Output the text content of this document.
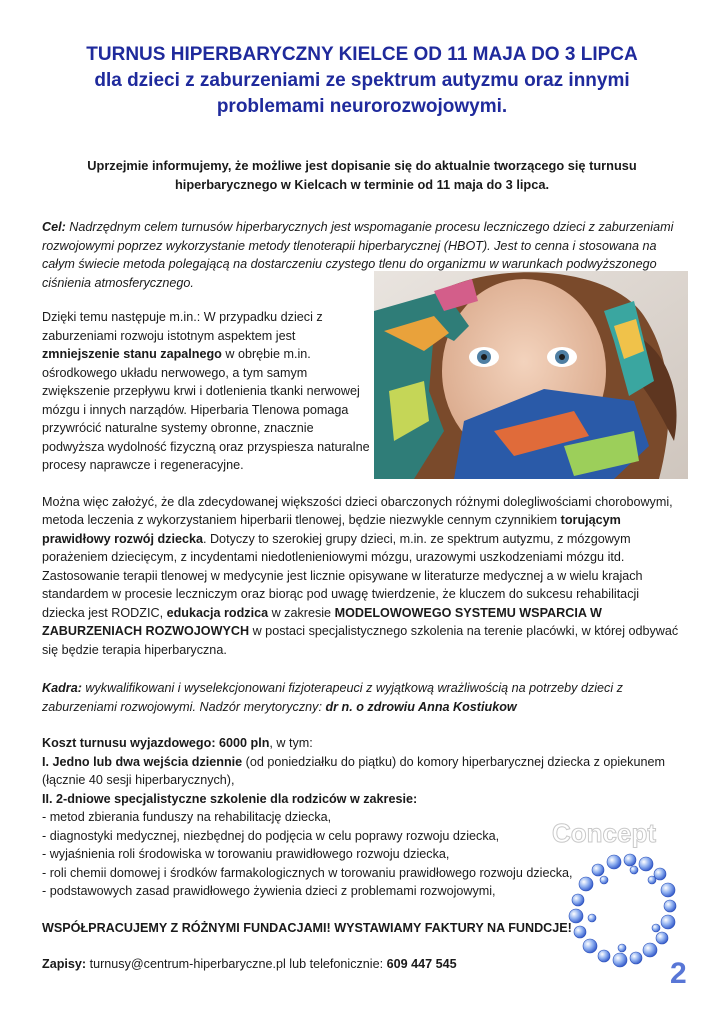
TURNUS HIPERBARYCZNY KIELCE OD 11 MAJA DO 3 LIPCA
dla dzieci z zaburzeniami ze spektrum autyzmu oraz innymi
problemami neurorozwojowymi.

Uprzejmie informujemy, że możliwe jest dopisanie się do aktualnie tworzącego się turnusu
hiperbarycznego w Kielcach w terminie od 11 maja do 3 lipca.

Cel: Nadrzędnym celem turnusów hiperbarycznych jest wspomaganie procesu leczniczego dzieci z zaburzeniami rozwojowymi poprzez wykorzystanie metody tlenoterapii hiperbarycznej (HBOT). Jest to cenna i stosowana na całym świecie metoda polegającą na dostarczeniu czystego tlenu do organizmu w warunkach podwyższonego ciśnienia atmosferycznego.

Dzięki temu następuje m.in.: W przypadku dzieci z zaburzeniami rozwoju istotnym aspektem jest zmniejszenie stanu zapalnego w obrębie m.in. ośrodkowego układu nerwowego, a tym samym zwiększenie przepływu krwi i dotlenienia tkanki nerwowej mózgu i innych narządów. Hiperbaria Tlenowa pomaga przywrócić naturalne systemy obronne, znacznie podwyższa wydolność fizyczną oraz przyspiesza naturalne procesy naprawcze i regeneracyjne.

Można więc założyć, że dla zdecydowanej większości dzieci obarczonych różnymi dolegliwościami chorobowymi, metoda leczenia z wykorzystaniem hiperbarii tlenowej, będzie niezwykle cennym czynnikiem torującym prawidłowy rozwój dziecka. Dotyczy to szerokiej grupy dzieci, m.in. ze spektrum autyzmu, z mózgowym porażeniem dziecięcym, z incydentami niedotlenieniowymi mózgu, urazowymi uszkodzeniami mózgu itd. Zastosowanie terapii tlenowej w medycynie jest licznie opisywane w literaturze medycznej a w wielu krajach standardem w procesie leczniczym oraz biorąc pod uwagę twierdzenie, że kluczem do sukcesu rehabilitacji dziecka jest RODZIC, edukacja rodzica w zakresie MODELOWOWEGO SYSTEMU WSPARCIA W ZABURZENIACH ROZWOJOWYCH w postaci specjalistycznego szkolenia na terenie placówki, w której odbywać się będzie terapia hiperbaryczna.

Kadra: wykwalifikowani i wyselekcjonowani fizjoterapeuci z wyjątkową wrażliwością na potrzeby dzieci z zaburzeniami rozwojowymi. Nadzór merytoryczny: dr n. o zdrowiu Anna Kostiukow

Koszt turnusu wyjazdowego: 6000 pln, w tym:

I. Jedno lub dwa wejścia dziennie (od poniedziałku do piątku) do komory hiperbarycznej dziecka z opiekunem (łącznie 40 sesji hiperbarycznych),

II. 2-dniowe specjalistyczne szkolenie dla rodziców w zakresie:

- metod zbierania funduszy na rehabilitację dziecka,

- diagnostyki medycznej, niezbędnej do podjęcia w celu poprawy rozwoju dziecka,

- wyjaśnienia roli środowiska w torowaniu prawidłowego rozwoju dziecka,

- roli chemii domowej i środków farmakologicznych w torowaniu prawidłowego rozwoju dziecka,

- podstawowych zasad prawidłowego żywienia dzieci z problemami rozwojowymi,

WSPÓŁPRACUJEMY Z RÓŻNYMI FUNDACJAMI! WYSTAWIAMY FAKTURY NA FUNDCJE!

Zapisy: turnusy@centrum-hiperbaryczne.pl lub telefonicznie: 609 447 545

Concept
O
2
